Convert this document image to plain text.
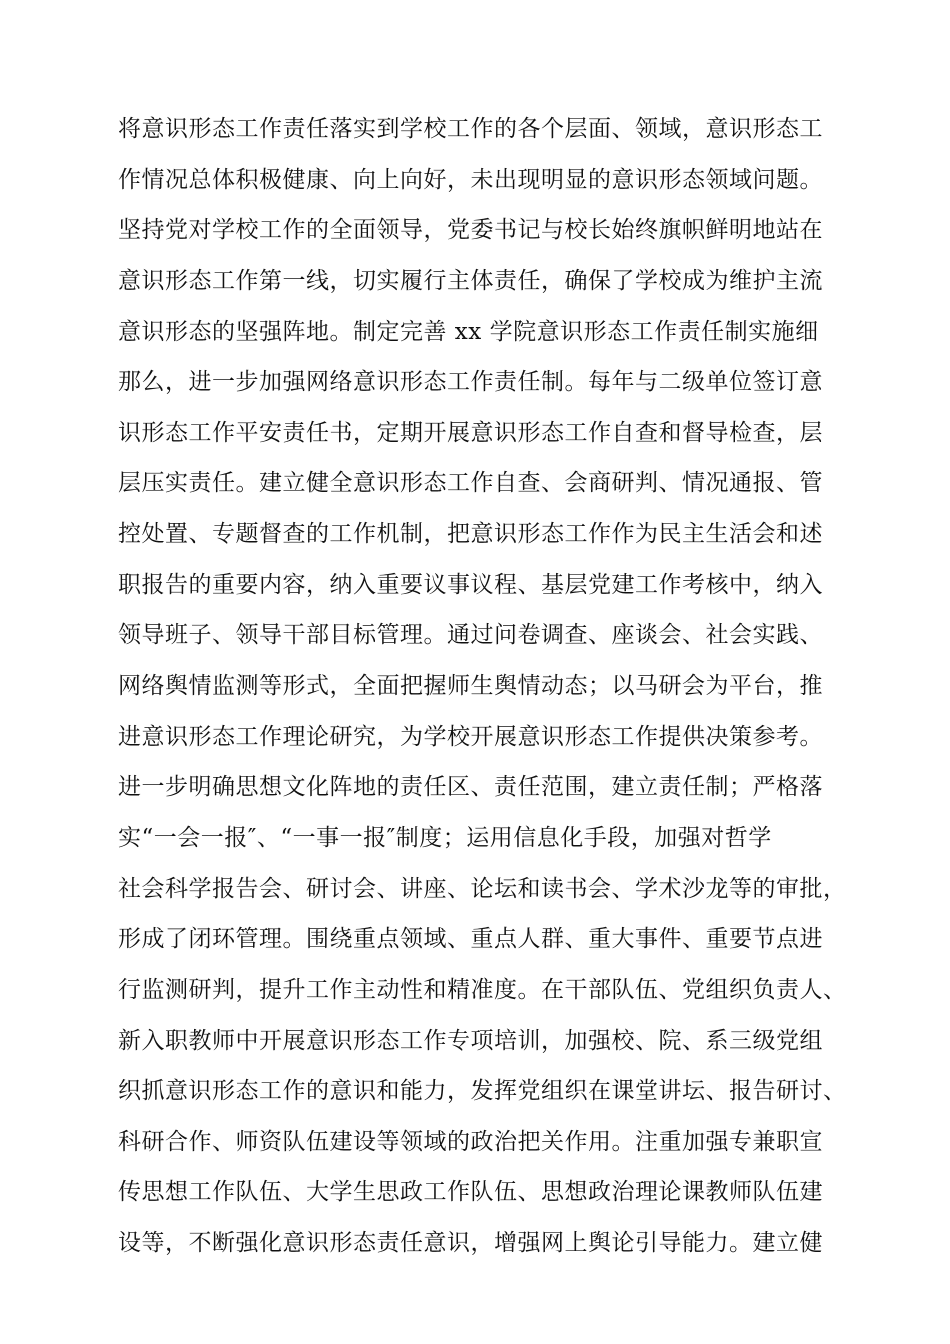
将意识形态工作责任落实到学校工作的各个层面、领域，意识形态工
作情况总体积极健康、向上向好，未出现明显的意识形态领域问题。
坚持党对学校工作的全面领导，党委书记与校长始终旗帜鲜明地站在
意识形态工作第一线，切实履行主体责任，确保了学校成为维护主流
意识形态的坚强阵地。制定完善 xx 学院意识形态工作责任制实施细
那么，进一步加强网络意识形态工作责任制。每年与二级单位签订意
识形态工作平安责任书，定期开展意识形态工作自查和督导检查，层
层压实责任。建立健全意识形态工作自查、会商研判、情况通报、管
控处置、专题督查的工作机制，把意识形态工作作为民主生活会和述
职报告的重要内容，纳入重要议事议程、基层党建工作考核中，纳入
领导班子、领导干部目标管理。通过问卷调查、座谈会、社会实践、
网络舆情监测等形式，全面把握师生舆情动态；以马研会为平台，推
进意识形态工作理论研究，为学校开展意识形态工作提供决策参考。
进一步明确思想文化阵地的责任区、责任范围，建立责任制；严格落
实“一会一报″、“一事一报″制度；运用信息化手段，加强对哲学
社会科学报告会、研讨会、讲座、论坛和读书会、学术沙龙等的审批，
形成了闭环管理。围绕重点领域、重点人群、重大事件、重要节点进
行监测研判，提升工作主动性和精准度。在干部队伍、党组织负责人、
新入职教师中开展意识形态工作专项培训，加强校、院、系三级党组
织抓意识形态工作的意识和能力，发挥党组织在课堂讲坛、报告研讨、
科研合作、师资队伍建设等领域的政治把关作用。注重加强专兼职宣
传思想工作队伍、大学生思政工作队伍、思想政治理论课教师队伍建
设等，不断强化意识形态责任意识，增强网上舆论引导能力。建立健
